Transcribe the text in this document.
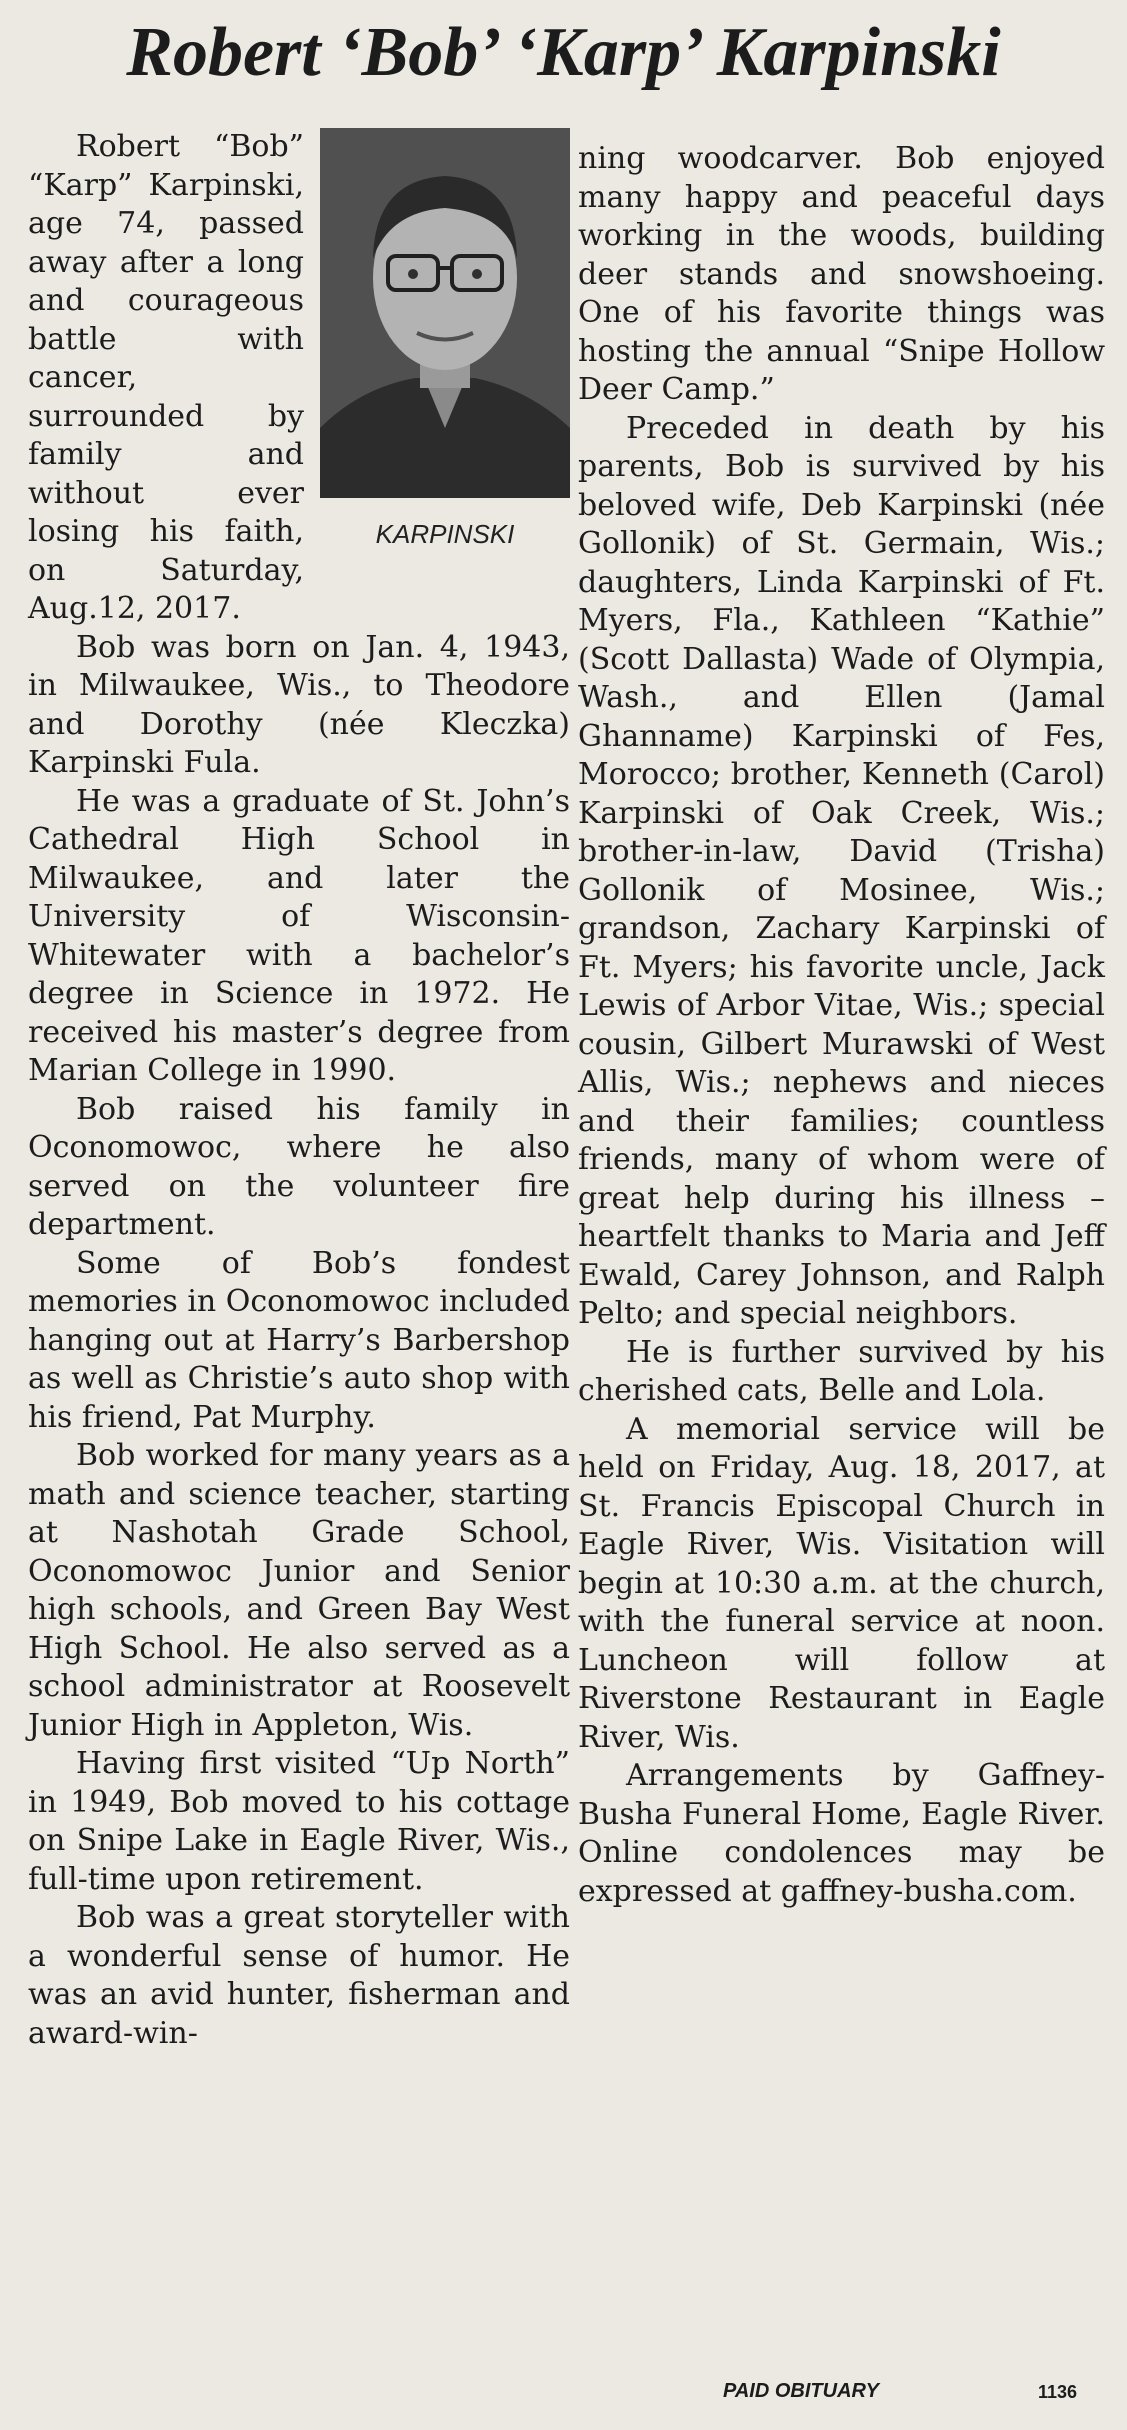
Robert ‘Bob’ ‘Karp’ Karpinski
KARPINSKI

Robert “Bob” “Karp” Karpinski, age 74, passed away after a long and courageous battle with cancer, surrounded by family and without ever losing his faith, on Saturday, Aug.12, 2017.

Bob was born on Jan. 4, 1943, in Milwaukee, Wis., to Theodore and Dorothy (née Kleczka) Karpinski Fula.

He was a graduate of St. John’s Cathedral High School in Milwaukee, and later the University of Wisconsin-Whitewater with a bachelor’s degree in Science in 1972. He received his master’s degree from Marian College in 1990.

Bob raised his family in Oconomowoc, where he also served on the volunteer fire department.

Some of Bob’s fondest memories in Oconomowoc included hanging out at Harry’s Barbershop as well as Christie’s auto shop with his friend, Pat Murphy.

Bob worked for many years as a math and science teacher, starting at Nashotah Grade School, Oconomowoc Junior and Senior high schools, and Green Bay West High School. He also served as a school administrator at Roosevelt Junior High in Appleton, Wis.

Having first visited “Up North” in 1949, Bob moved to his cottage on Snipe Lake in Eagle River, Wis., full-time upon retirement.

Bob was a great storyteller with a wonderful sense of humor. He was an avid hunter, fisherman and award-win-

ning woodcarver. Bob enjoyed many happy and peaceful days working in the woods, building deer stands and snowshoeing. One of his favorite things was hosting the annual “Snipe Hollow Deer Camp.”

Preceded in death by his parents, Bob is survived by his beloved wife, Deb Karpinski (née Gollonik) of St. Germain, Wis.; daughters, Linda Karpinski of Ft. Myers, Fla., Kathleen “Kathie” (Scott Dallasta) Wade of Olympia, Wash., and Ellen (Jamal Ghanname) Karpinski of Fes, Morocco; brother, Kenneth (Carol) Karpinski of Oak Creek, Wis.; brother-in-law, David (Trisha) Gollonik of Mosinee, Wis.; grandson, Zachary Karpinski of Ft. Myers; his favorite uncle, Jack Lewis of Arbor Vitae, Wis.; special cousin, Gilbert Murawski of West Allis, Wis.; nephews and nieces and their families; countless friends, many of whom were of great help during his illness – heartfelt thanks to Maria and Jeff Ewald, Carey Johnson, and Ralph Pelto; and special neighbors.

He is further survived by his cherished cats, Belle and Lola.

A memorial service will be held on Friday, Aug. 18, 2017, at St. Francis Episcopal Church in Eagle River, Wis. Visitation will begin at 10:30 a.m. at the church, with the funeral service at noon. Luncheon will follow at Riverstone Restaurant in Eagle River, Wis.

Arrangements by Gaffney-Busha Funeral Home, Eagle River. Online condolences may be expressed at gaffney-busha.com.

PAID OBITUARY	1136
